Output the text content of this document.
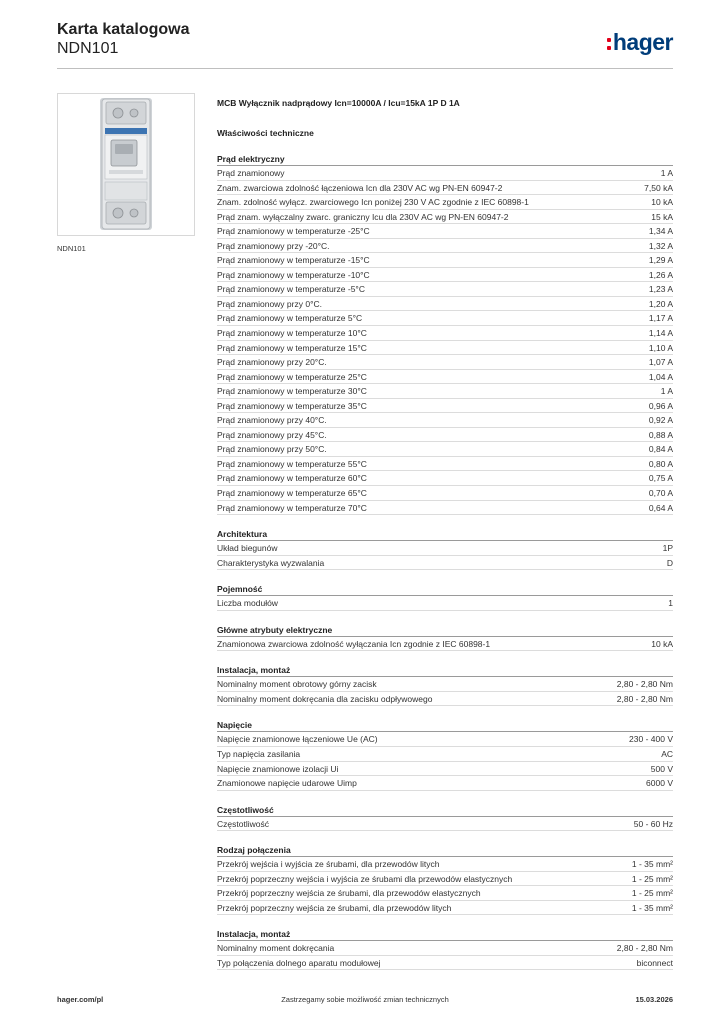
Karta katalogowa
NDN101	hager
NDN101
MCB Wyłącznik nadprądowy Icn=10000A / Icu=15kA 1P D 1A
Właściwości techniczne
Prąd elektryczny
Prąd znamionowy	1 A
Znam. zwarciowa zdolność łączeniowa Icn dla 230V AC wg PN-EN 60947-2	7,50 kA
Znam. zdolność wyłącz. zwarciowego Icn poniżej 230 V AC zgodnie z IEC 60898-1	10 kA
Prąd znam. wyłączalny zwarc. graniczny Icu dla 230V AC wg PN-EN 60947-2	15 kA
Prąd znamionowy w temperaturze -25°C	1,34 A
Prąd znamionowy przy -20°C.	1,32 A
Prąd znamionowy w temperaturze -15°C	1,29 A
Prąd znamionowy w temperaturze -10°C	1,26 A
Prąd znamionowy w temperaturze -5°C	1,23 A
Prąd znamionowy przy 0°C.	1,20 A
Prąd znamionowy w temperaturze 5°C	1,17 A
Prąd znamionowy w temperaturze 10°C	1,14 A
Prąd znamionowy w temperaturze 15°C	1,10 A
Prąd znamionowy przy 20°C.	1,07 A
Prąd znamionowy w temperaturze 25°C	1,04 A
Prąd znamionowy w temperaturze 30°C	1 A
Prąd znamionowy w temperaturze 35°C	0,96 A
Prąd znamionowy przy 40°C.	0,92 A
Prąd znamionowy przy 45°C.	0,88 A
Prąd znamionowy przy 50°C.	0,84 A
Prąd znamionowy w temperaturze 55°C	0,80 A
Prąd znamionowy w temperaturze 60°C	0,75 A
Prąd znamionowy w temperaturze 65°C	0,70 A
Prąd znamionowy w temperaturze 70°C	0,64 A
Architektura
Układ biegunów	1P
Charakterystyka wyzwalania	D
Pojemność
Liczba modułów	1
Główne atrybuty elektryczne
Znamionowa zwarciowa zdolność wyłączania Icn zgodnie z IEC 60898-1	10 kA
Instalacja, montaż
Nominalny moment obrotowy górny zacisk	2,80 - 2,80 Nm
Nominalny moment dokręcania dla zacisku odpływowego	2,80 - 2,80 Nm
Napięcie
Napięcie znamionowe łączeniowe Ue (AC)	230 - 400 V
Typ napięcia zasilania	AC
Napięcie znamionowe izolacji Ui	500 V
Znamionowe napięcie udarowe Uimp	6000 V
Częstotliwość
Częstotliwość	50 - 60 Hz
Rodzaj połączenia
Przekrój wejścia i wyjścia ze śrubami, dla przewodów litych	1 - 35 mm²
Przekrój poprzeczny wejścia i wyjścia ze śrubami dla przewodów elastycznych	1 - 25 mm²
Przekrój poprzeczny wejścia ze śrubami, dla przewodów elastycznych	1 - 25 mm²
Przekrój poprzeczny wejścia ze śrubami, dla przewodów litych	1 - 35 mm²
Instalacja, montaż
Nominalny moment dokręcania	2,80 - 2,80 Nm
Typ połączenia dolnego aparatu modułowej	biconnect
hager.com/pl	Zastrzegamy sobie możliwość zmian technicznych	15.03.2026
